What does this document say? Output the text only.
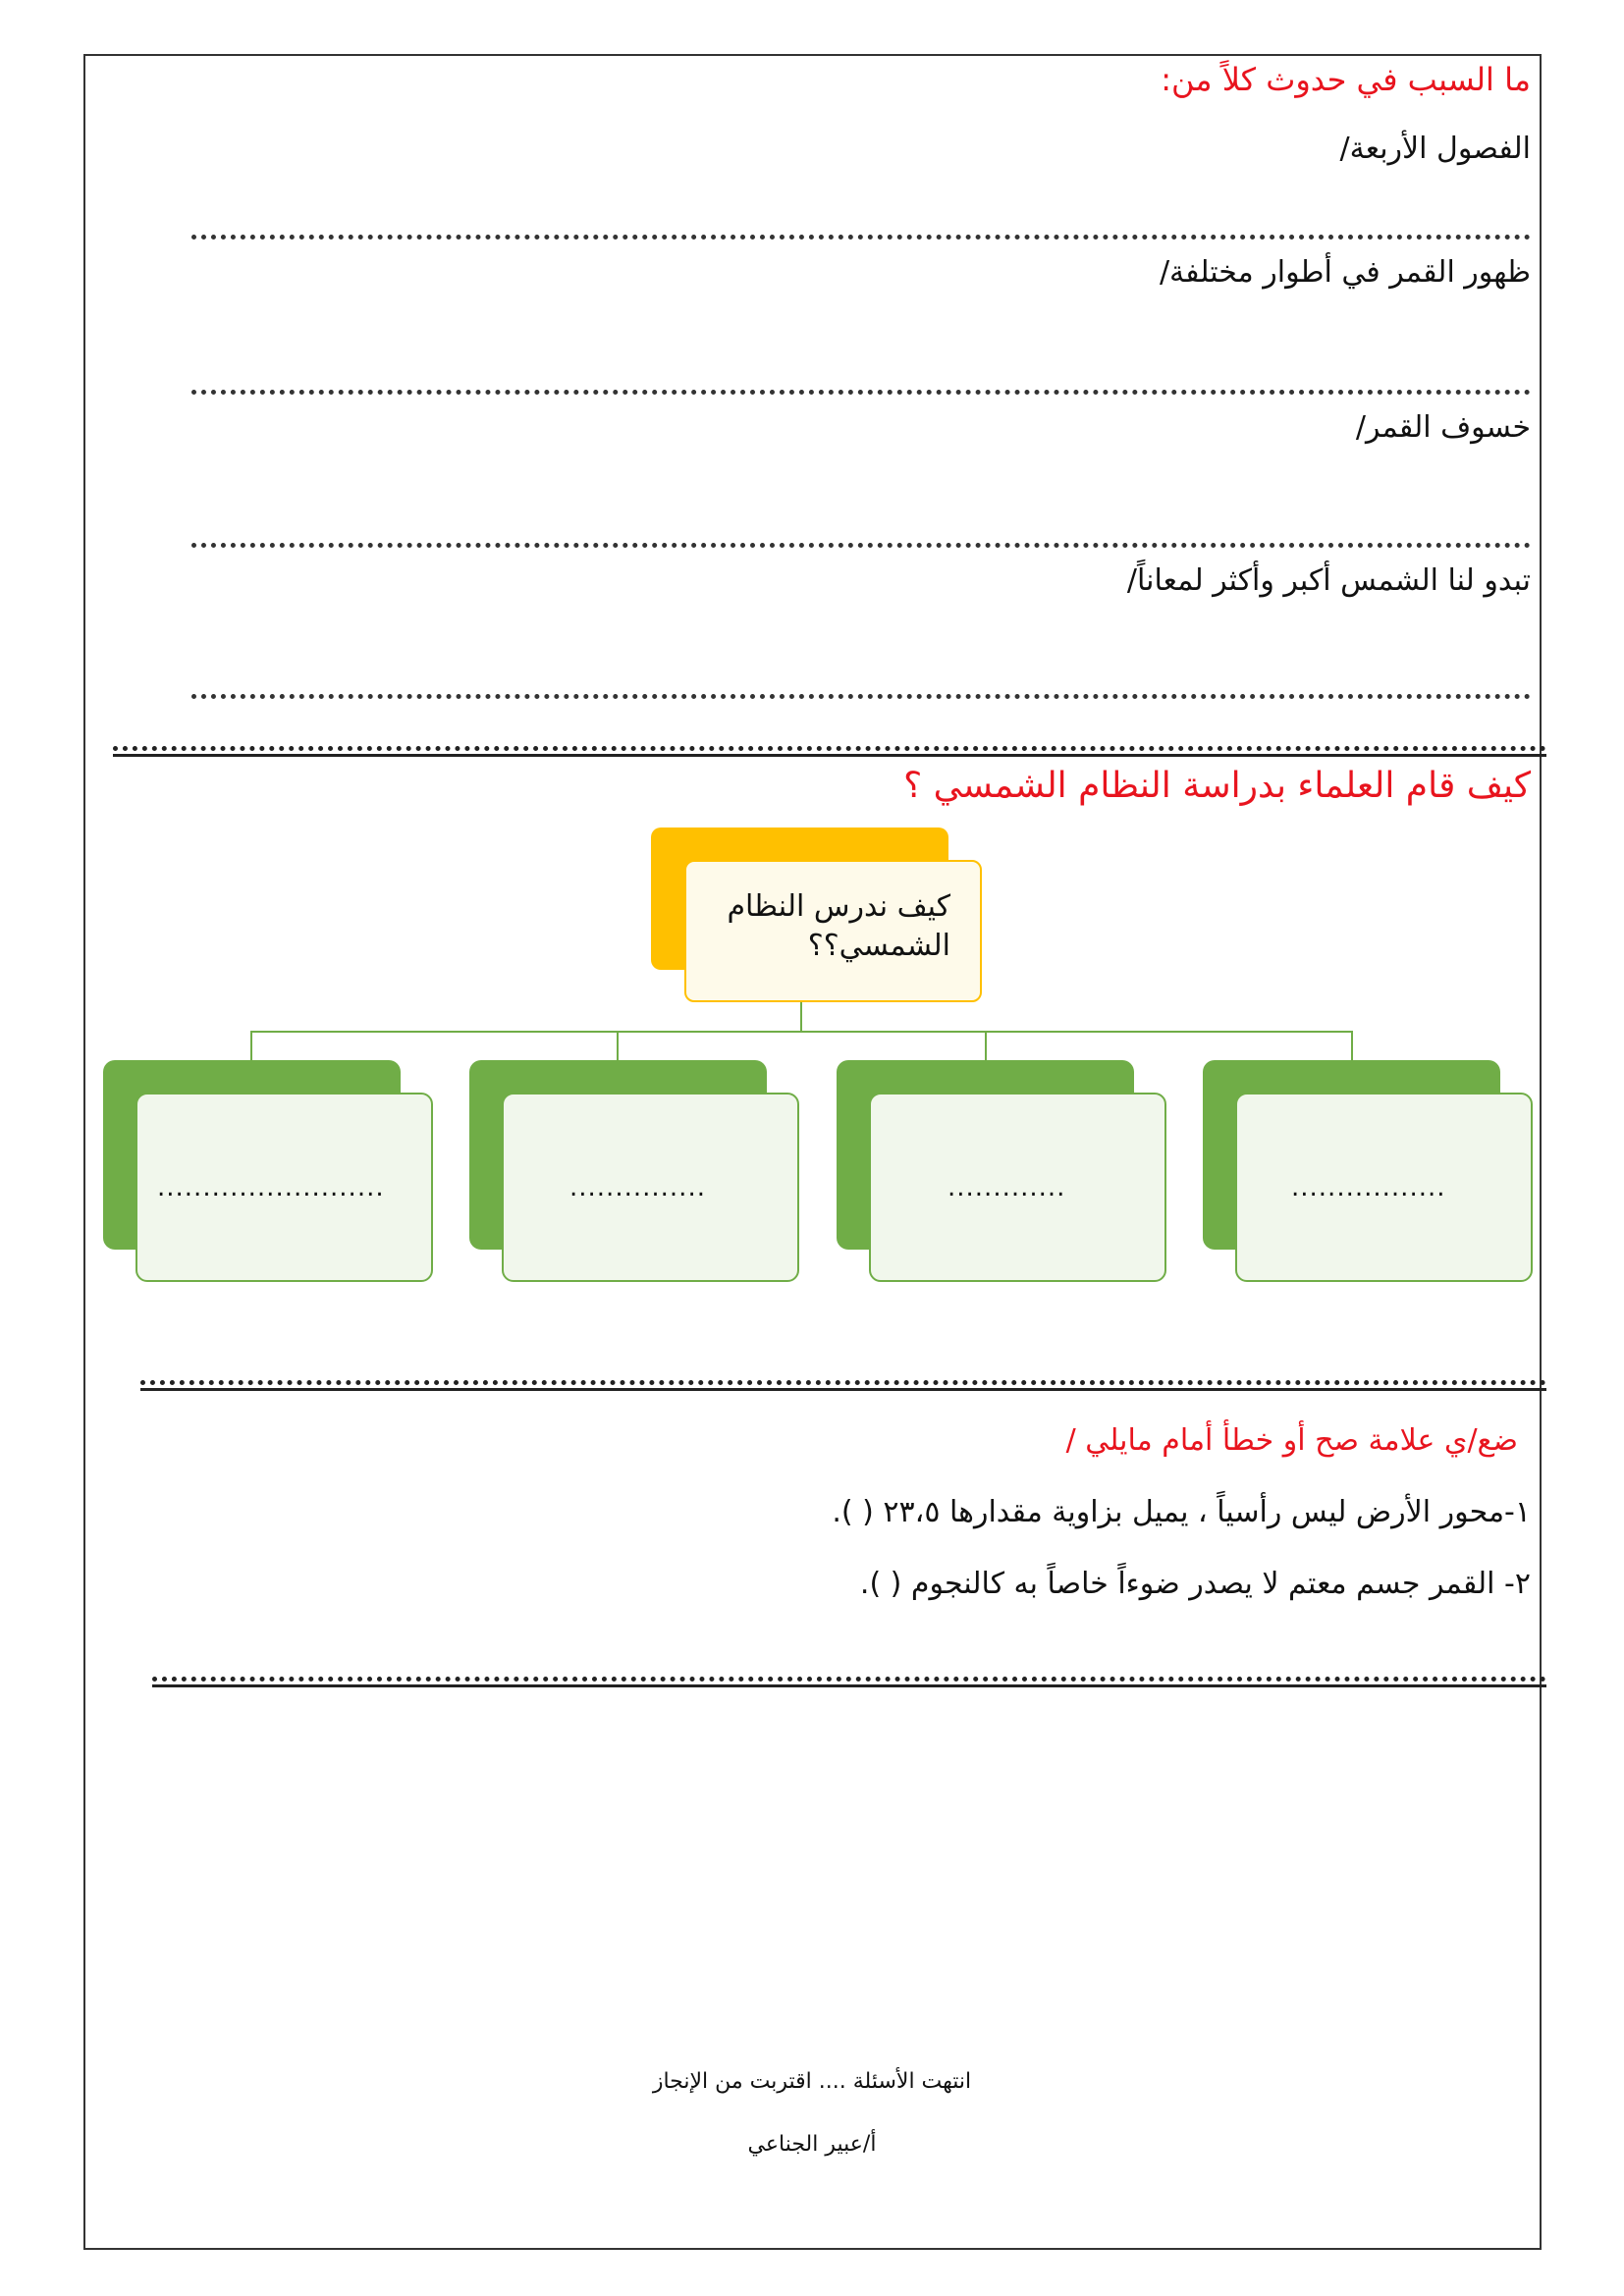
ما السبب في حدوث كلاً من:
الفصول الأربعة/
ظهور القمر في أطوار مختلفة/
خسوف القمر/
تبدو لنا الشمس أكبر وأكثر لمعاناً/
كيف قام العلماء بدراسة النظام الشمسي ؟
كيف ندرس النظام الشمسي؟؟
.........................	...............	.............	.................
ضع/ي علامة صح أو خطأ أمام مايلي /
١-محور الأرض ليس رأسياً ، يميل بزاوية مقدارها ٢٣،٥ ( ).
٢- القمر جسم معتم لا يصدر ضوءاً خاصاً به كالنجوم ( ).
انتهت الأسئلة .... اقتربت من الإنجاز
أ/عبير الجناعي
